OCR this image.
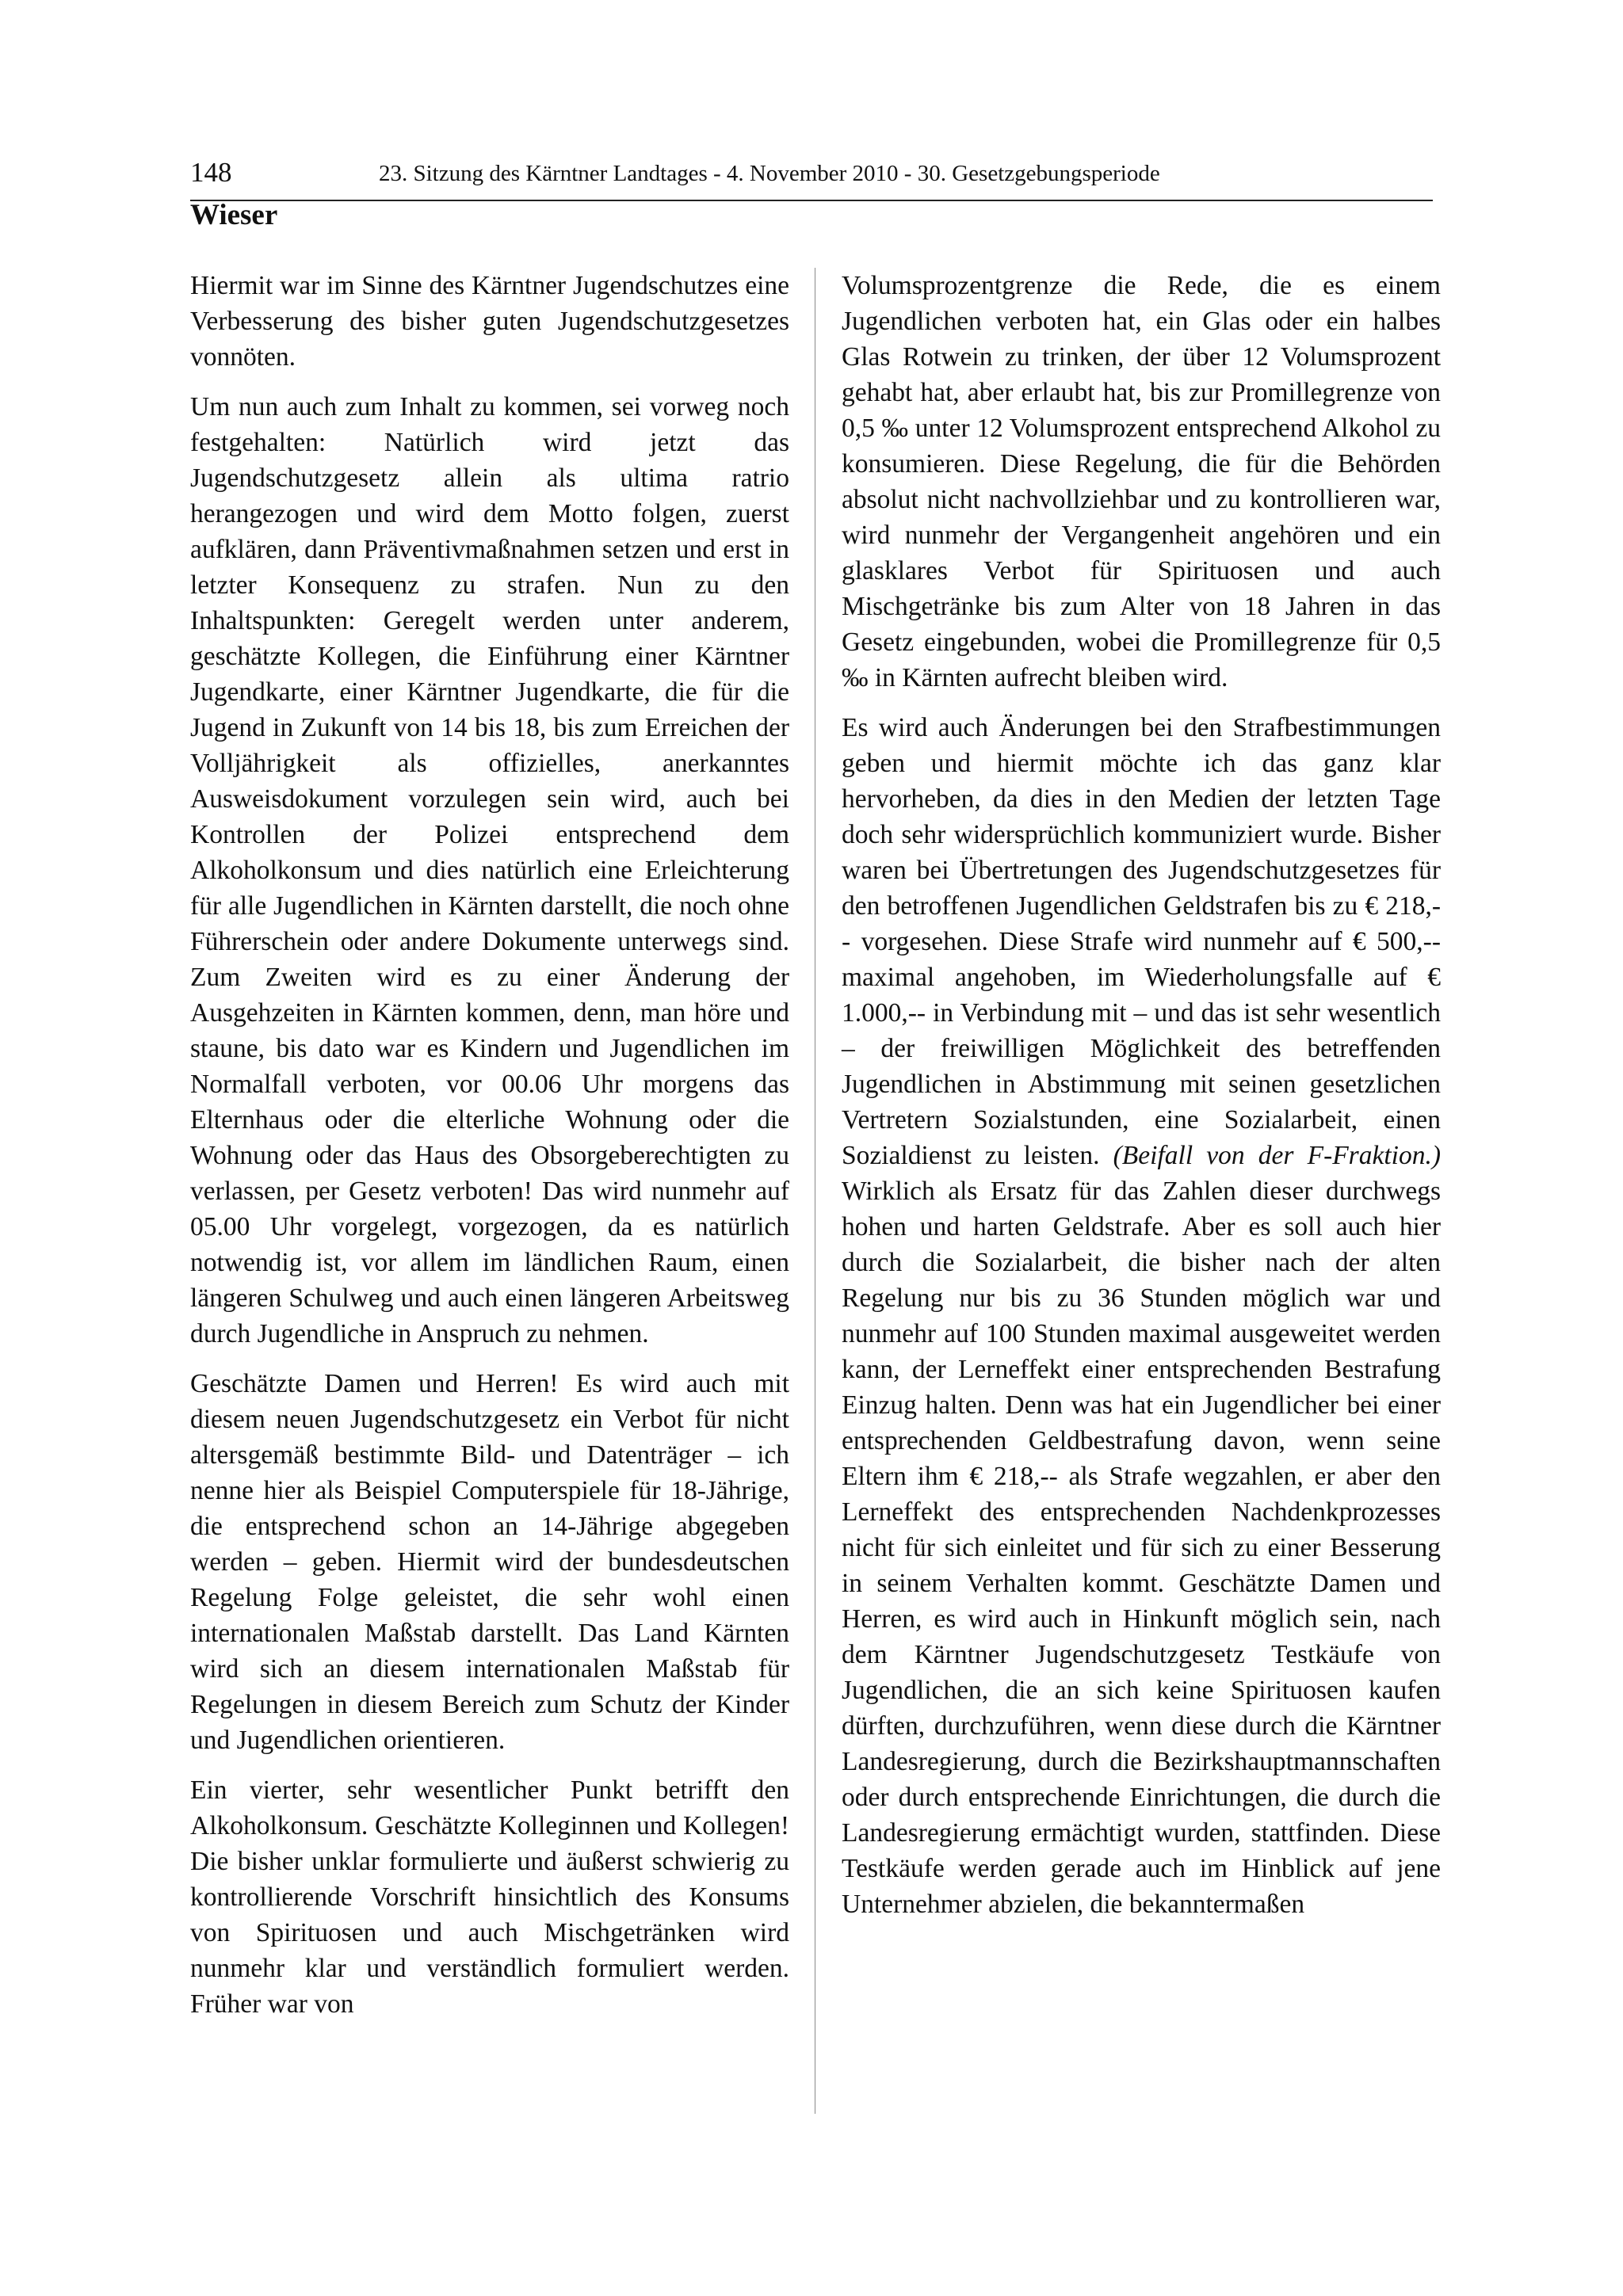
148	23. Sitzung des Kärntner Landtages - 4. November 2010 - 30. Gesetzgebungsperiode
Wieser

Hiermit war im Sinne des Kärntner Jugendschutzes eine Verbesserung des bisher guten Jugendschutzgesetzes vonnöten.

Um nun auch zum Inhalt zu kommen, sei vorweg noch festgehalten: Natürlich wird jetzt das Jugendschutzgesetz allein als ultima ratrio herangezogen und wird dem Motto folgen, zuerst aufklären, dann Präventivmaßnahmen setzen und erst in letzter Konsequenz zu strafen. Nun zu den Inhaltspunkten: Geregelt werden unter anderem, geschätzte Kollegen, die Einführung einer Kärntner Jugendkarte, einer Kärntner Jugendkarte, die für die Jugend in Zukunft von 14 bis 18, bis zum Erreichen der Volljährigkeit als offizielles, anerkanntes Ausweisdokument vorzulegen sein wird, auch bei Kontrollen der Polizei entsprechend dem Alkoholkonsum und dies natürlich eine Erleichterung für alle Jugendlichen in Kärnten darstellt, die noch ohne Führerschein oder andere Dokumente unterwegs sind. Zum Zweiten wird es zu einer Änderung der Ausgehzeiten in Kärnten kommen, denn, man höre und staune, bis dato war es Kindern und Jugendlichen im Normalfall verboten, vor 00.06 Uhr morgens das Elternhaus oder die elterliche Wohnung oder die Wohnung oder das Haus des Obsorgeberechtigten zu verlassen, per Gesetz verboten! Das wird nunmehr auf 05.00 Uhr vorgelegt, vorgezogen, da es natürlich notwendig ist, vor allem im ländlichen Raum, einen längeren Schulweg und auch einen längeren Arbeitsweg durch Jugendliche in Anspruch zu nehmen.

Geschätzte Damen und Herren! Es wird auch mit diesem neuen Jugendschutzgesetz ein Verbot für nicht altersgemäß bestimmte Bild- und Datenträger – ich nenne hier als Beispiel Computerspiele für 18-Jährige, die entsprechend schon an 14-Jährige abgegeben werden – geben. Hiermit wird der bundesdeutschen Regelung Folge geleistet, die sehr wohl einen internationalen Maßstab darstellt. Das Land Kärnten wird sich an diesem internationalen Maßstab für Regelungen in diesem Bereich zum Schutz der Kinder und Jugendlichen orientieren.

Ein vierter, sehr wesentlicher Punkt betrifft den Alkoholkonsum. Geschätzte Kolleginnen und Kollegen! Die bisher unklar formulierte und äußerst schwierig zu kontrollierende Vorschrift hinsichtlich des Konsums von Spirituosen und auch Mischgetränken wird nunmehr klar und verständlich formuliert werden. Früher war von

Volumsprozentgrenze die Rede, die es einem Jugendlichen verboten hat, ein Glas oder ein halbes Glas Rotwein zu trinken, der über 12 Volumsprozent gehabt hat, aber erlaubt hat, bis zur Promillegrenze von 0,5 ‰ unter 12 Volumsprozent entsprechend Alkohol zu konsumieren. Diese Regelung, die für die Behörden absolut nicht nachvollziehbar und zu kontrollieren war, wird nunmehr der Vergangenheit angehören und ein glasklares Verbot für Spirituosen und auch Mischgetränke bis zum Alter von 18 Jahren in das Gesetz eingebunden, wobei die Promillegrenze für 0,5 ‰ in Kärnten aufrecht bleiben wird.

Es wird auch Änderungen bei den Strafbestimmungen geben und hiermit möchte ich das ganz klar hervorheben, da dies in den Medien der letzten Tage doch sehr widersprüchlich kommuniziert wurde. Bisher waren bei Übertretungen des Jugendschutzgesetzes für den betroffenen Jugendlichen Geldstrafen bis zu € 218,-- vorgesehen. Diese Strafe wird nunmehr auf € 500,-- maximal angehoben, im Wiederholungsfalle auf € 1.000,-- in Verbindung mit – und das ist sehr wesentlich – der freiwilligen Möglichkeit des betreffenden Jugendlichen in Abstimmung mit seinen gesetzlichen Vertretern Sozialstunden, eine Sozialarbeit, einen Sozialdienst zu leisten. (Beifall von der F-Fraktion.) Wirklich als Ersatz für das Zahlen dieser durchwegs hohen und harten Geldstrafe. Aber es soll auch hier durch die Sozialarbeit, die bisher nach der alten Regelung nur bis zu 36 Stunden möglich war und nunmehr auf 100 Stunden maximal ausgeweitet werden kann, der Lerneffekt einer entsprechenden Bestrafung Einzug halten. Denn was hat ein Jugendlicher bei einer entsprechenden Geldbestrafung davon, wenn seine Eltern ihm € 218,-- als Strafe wegzahlen, er aber den Lerneffekt des entsprechenden Nachdenkprozesses nicht für sich einleitet und für sich zu einer Besserung in seinem Verhalten kommt. Geschätzte Damen und Herren, es wird auch in Hinkunft möglich sein, nach dem Kärntner Jugendschutzgesetz Testkäufe von Jugendlichen, die an sich keine Spirituosen kaufen dürften, durchzuführen, wenn diese durch die Kärntner Landesregierung, durch die Bezirkshauptmannschaften oder durch entsprechende Einrichtungen, die durch die Landesregierung ermächtigt wurden, stattfinden. Diese Testkäufe werden gerade auch im Hinblick auf jene Unternehmer abzielen, die bekanntermaßen
